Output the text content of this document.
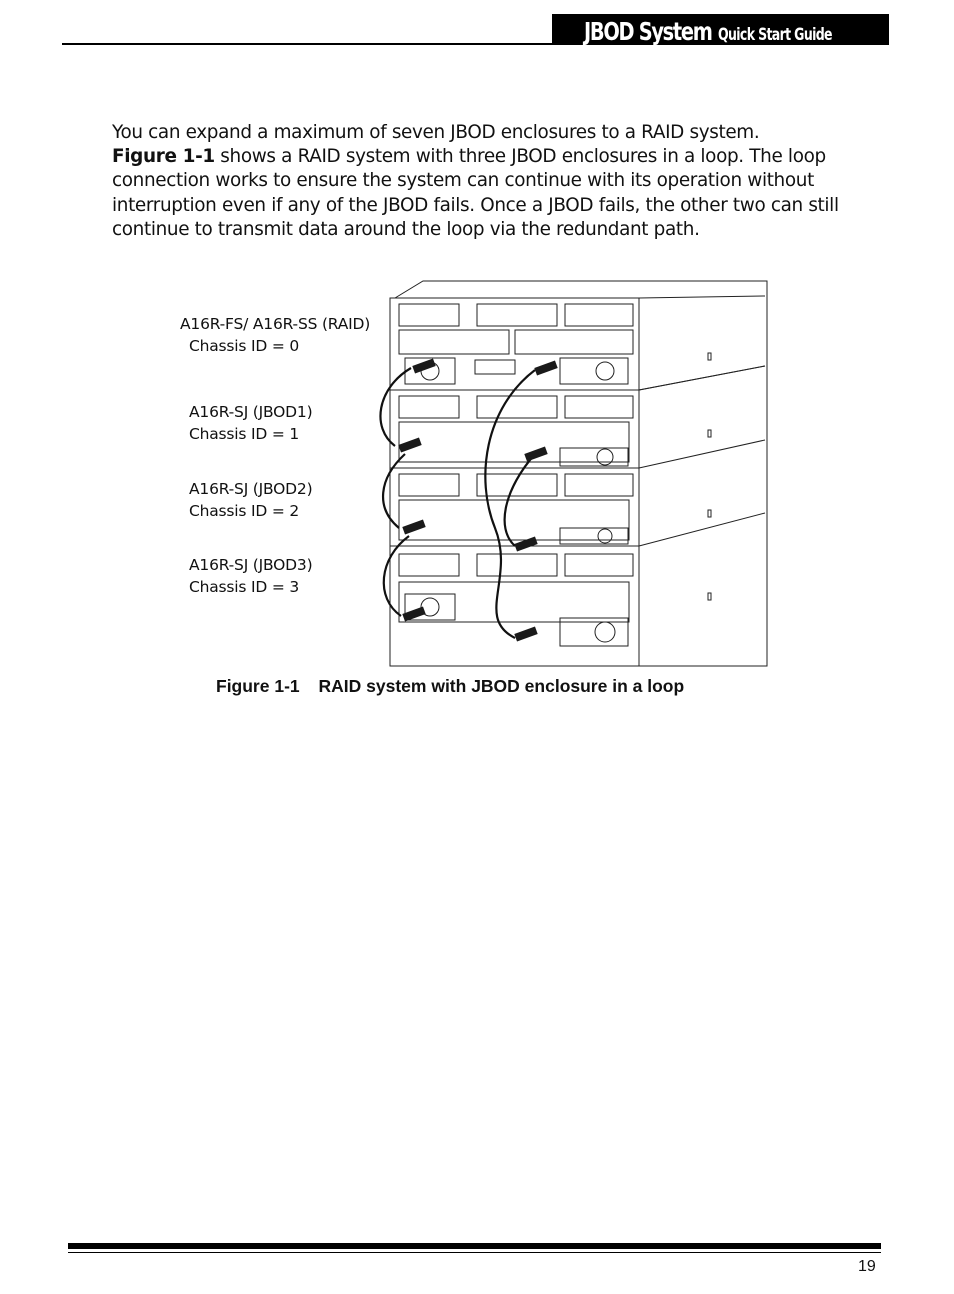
JBOD System Quick Start Guide

You can expand a maximum of seven JBOD enclosures to a RAID system.
Figure 1-1 shows a RAID system with three JBOD enclosures in a loop. The loop connection works to ensure the system can continue with its operation without interruption even if any of the JBOD fails. Once a JBOD fails, the other two can still continue to transmit data around the loop via the redundant path.

A16R-FS/ A16R-SS (RAID)
Chassis ID = 0
A16R-SJ (JBOD1)
Chassis ID = 1
A16R-SJ (JBOD2)
Chassis ID = 2
A16R-SJ (JBOD3)
Chassis ID = 3
Figure 1-1 RAID system with JBOD enclosure in a loop
19
